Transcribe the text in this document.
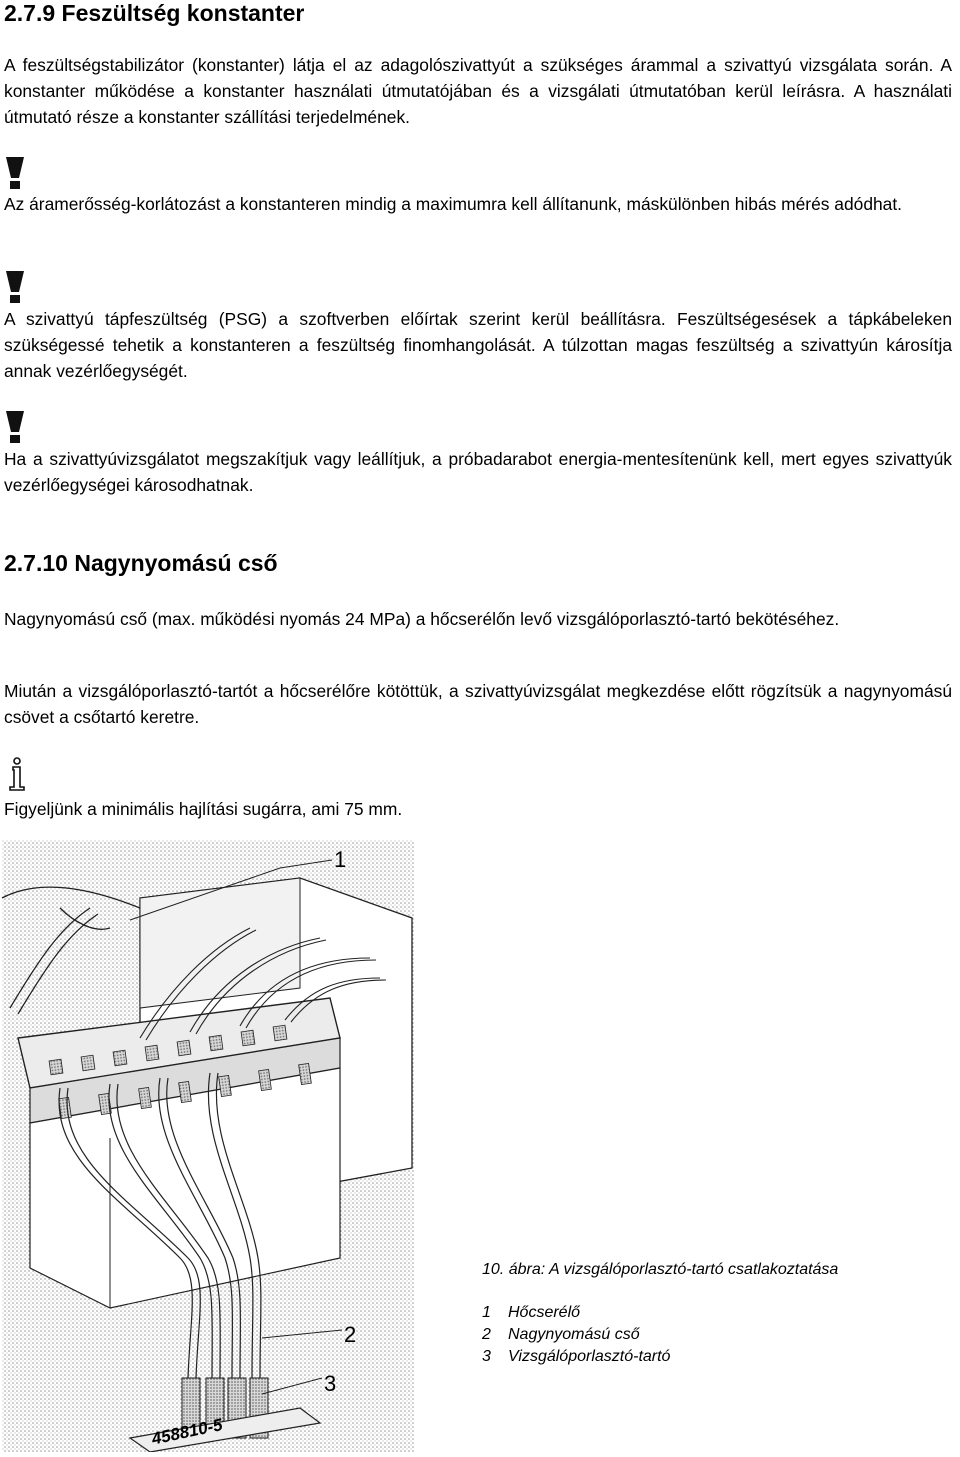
2.7.9 Feszültség konstanter

A feszültségstabilizátor (konstanter) látja el az adagolószivattyút a szükséges árammal a szivattyú vizsgálata során. A konstanter működése a konstanter használati útmutatójában és a vizsgálati útmutatóban kerül leírásra. A használati útmutató része a konstanter szállítási terjedelmének.

Az áramerősség-korlátozást a konstanteren mindig a maximumra kell állítanunk, máskülönben hibás mérés adódhat.

A szivattyú tápfeszültség (PSG) a szoftverben előírtak szerint kerül beállításra. Feszültségesések a tápkábeleken szükségessé tehetik a konstanteren a feszültség finomhangolását. A túlzottan magas feszültség a szivattyún károsítja annak vezérlőegységét.

Ha a szivattyúvizsgálatot megszakítjuk vagy leállítjuk, a próbadarabot energia-mentesítenünk kell, mert egyes szivattyúk vezérlőegységei károsodhatnak.

2.7.10 Nagynyomású cső

Nagynyomású cső (max. működési nyomás 24 MPa) a hőcserélőn levő vizsgálóporlasztó-tartó bekötéséhez.

Miután a vizsgálóporlasztó-tartót a hőcserélőre kötöttük, a szivattyúvizsgálat megkezdése előtt rögzítsük a nagynyomású csövet a csőtartó keretre.

Figyeljünk a minimális hajlítási sugárra, ami 75 mm.

1
2
3
458810-5
10. ábra: A vizsgálóporlasztó-tartó csatlakoztatása
1 Hőcserélő
2 Nagynyomású cső
3 Vizsgálóporlasztó-tartó
